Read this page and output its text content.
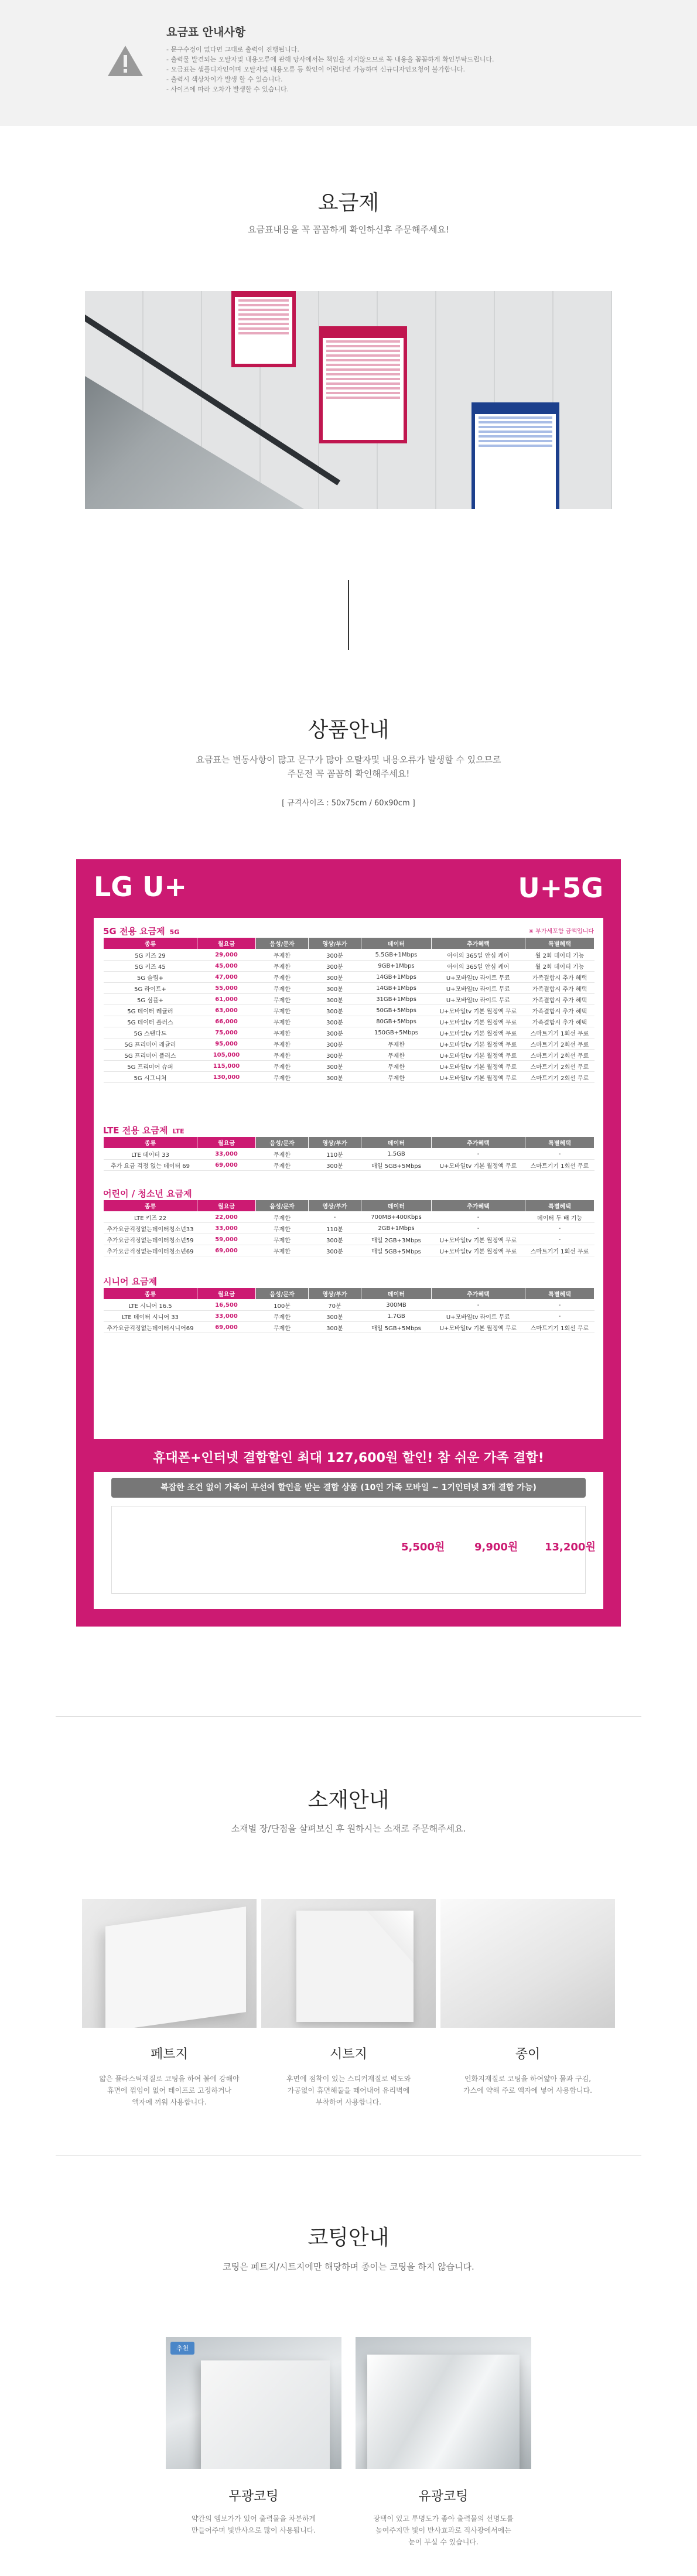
요금표 안내사항
- 문구수정이 없다면 그대로 출력이 진행됩니다.
- 출력물 발견되는 오탈자및 내용오류에 관해 당사에서는 책임을 지지않으므로 꼭 내용을 꼼꼼하게 확인부탁드립니다.
- 요금표는 샘플디자인이며 오탈자및 내용오류 등 확인이 어렵다면 가능하며 신규디자인요청이 불가합니다.
- 출력시 색상차이가 발생 할 수 있습니다.
- 사이즈에 따라 오차가 발생할 수 있습니다.
요금제
요금표내용을 꼭 꼼꼼하게 확인하신후 주문해주세요!
상품안내
요금표는 변동사항이 많고 문구가 많아 오탈자및 내용오류가 발생할 수 있으므로
주문전 꼭 꼼꼼히 확인해주세요!
[ 규격사이즈 : 50x75cm / 60x90cm ]
LG U+	U+5G
※ 부가세포함 금액입니다
5G 전용 요금제 5G
종류	월요금	음성/문자	영상/부가	데이터	추가혜택	특별혜택
5G 키즈 29	29,000	무제한	300분	5.5GB+1Mbps	아이의 365일 안심 케어	월 2회 데이터 기능
5G 키즈 45	45,000	무제한	300분	9GB+1Mbps	아이의 365일 안심 케어	월 2회 데이터 기능
5G 슬림+	47,000	무제한	300분	14GB+1Mbps	U+모바일tv 라이트 무료	가족결합시 추가 혜택
5G 라이트+	55,000	무제한	300분	14GB+1Mbps	U+모바일tv 라이트 무료	가족결합시 추가 혜택
5G 심플+	61,000	무제한	300분	31GB+1Mbps	U+모바일tv 라이트 무료	가족결합시 추가 혜택
5G 데이터 레귤러	63,000	무제한	300분	50GB+5Mbps	U+모바일tv 기본 월정액 무료	가족결합시 추가 혜택
5G 데이터 플러스	66,000	무제한	300분	80GB+5Mbps	U+모바일tv 기본 월정액 무료	가족결합시 추가 혜택
5G 스탠다드	75,000	무제한	300분	150GB+5Mbps	U+모바일tv 기본 월정액 무료	스마트기기 1회선 무료
5G 프리미어 레귤러	95,000	무제한	300분	무제한	U+모바일tv 기본 월정액 무료	스마트기기 2회선 무료
5G 프리미어 플러스	105,000	무제한	300분	무제한	U+모바일tv 기본 월정액 무료	스마트기기 2회선 무료
5G 프리미어 슈퍼	115,000	무제한	300분	무제한	U+모바일tv 기본 월정액 무료	스마트기기 2회선 무료
5G 시그니처	130,000	무제한	300분	무제한	U+모바일tv 기본 월정액 무료	스마트기기 2회선 무료
LTE 전용 요금제 LTE
종류	월요금	음성/문자	영상/부가	데이터	추가혜택	특별혜택
LTE 데이터 33	33,000	무제한	110분	1.5GB	-	-
추가 요금 걱정 없는 데이터 69	69,000	무제한	300분	매일 5GB+5Mbps	U+모바일tv 기본 월정액 무료	스마트기기 1회선 무료
어린이 / 청소년 요금제
종류	월요금	음성/문자	영상/부가	데이터	추가혜택	특별혜택
LTE 키즈 22	22,000	무제한	-	700MB+400Kbps	-	데이터 두 배 기능
추가요금걱정없는데이터청소년33	33,000	무제한	110분	2GB+1Mbps	-	-
추가요금걱정없는데이터청소년59	59,000	무제한	300분	매일 2GB+3Mbps	U+모바일tv 기본 월정액 무료	-
추가요금걱정없는데이터청소년69	69,000	무제한	300분	매일 5GB+5Mbps	U+모바일tv 기본 월정액 무료	스마트기기 1회선 무료
시니어 요금제
종류	월요금	음성/문자	영상/부가	데이터	추가혜택	특별혜택
LTE 시니어 16.5	16,500	100분	70분	300MB	-	-
LTE 데이터 시니어 33	33,000	무제한	300분	1.7GB	U+모바일tv 라이트 무료	-
추가요금걱정없는데이터시니어69	69,000	무제한	300분	매일 5GB+5Mbps	U+모바일tv 기본 월정액 무료	스마트기기 1회선 무료
휴대폰+인터넷 결합할인 최대 127,600원 할인! 참 쉬운 가족 결합!
복잡한 조건 없이 가족이 무선에 할인을 받는 결합 상품 (10인 가족 모바일 ~ 1기인터넷 3개 결합 가능)
5,500원	9,900원	13,200원
소재안내
소재별 장/단점을 살펴보신 후 원하시는 소재로 주문해주세요.
페트지
얇은 플라스틱재질로 코팅을 하여 볼에 강해야
휴면에 꺾임이 없어 테이프로 고정하거나
액자에 끼워 사용합니다.
시트지
후면에 점착이 있는 스티커재질로 벽도와
가공없이 휴면해둘을 떼어내어 유리벽에
부착하여 사용합니다.
종이
인화지재질로 코팅을 하여얇아 물과 구김,
가스에 약해 주로 액자에 넣어 사용합니다.
코팅안내
코팅은 페트지/시트지에만 해당하며 종이는 코팅을 하지 않습니다.
추천
무광코팅
약간의 엠보가가 있어 출력물을 차분하게
만들어주며 빛반사으로 많이 사용됩니다.
유광코팅
광택이 있고 투명도가 좋아 출력물의 선명도를
높여주지만 빛이 반사효과로 직사광에서에는
눈이 부실 수 있습니다.
